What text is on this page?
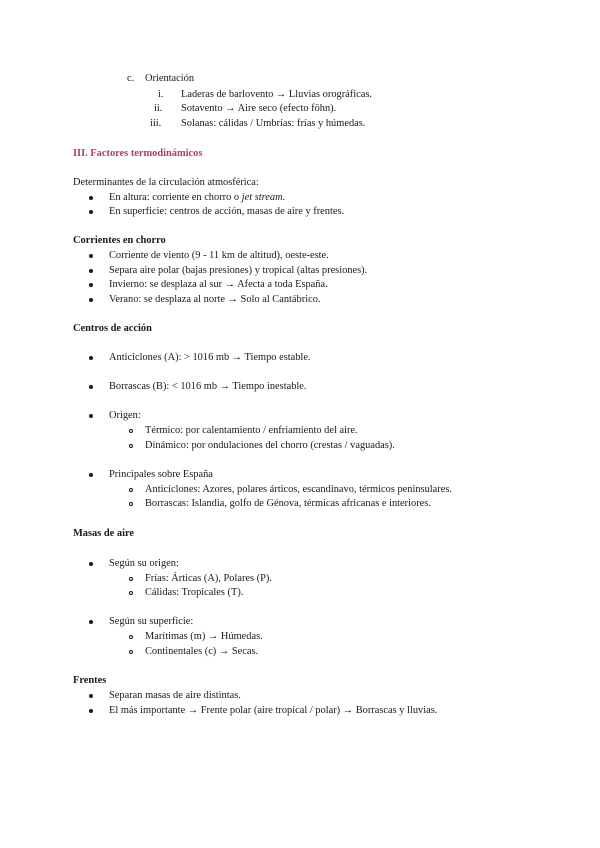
c. Orientación
i. Laderas de barlovento → Lluvias orográficas.
ii. Sotavento → Aire seco (efecto föhn).
iii. Solanas: cálidas / Umbrías: frías y húmedas.
III. Factores termodinámicos
Determinantes de la circulación atmosférica:
En altura: corriente en chorro o jet stream.
En superficie: centros de acción, masas de aire y frentes.
Corrientes en chorro
Corriente de viento (9 - 11 km de altitud), oeste-este.
Separa aire polar (bajas presiones) y tropical (altas presiones).
Invierno: se desplaza al sur → Afecta a toda España.
Verano: se desplaza al norte → Solo al Cantábrico.
Centros de acción
Anticiclones (A): > 1016 mb → Tiempo estable.
Borrascas (B): < 1016 mb → Tiempo inestable.
Origen:
Térmico: por calentamiento / enfriamiento del aire.
Dinámico: por ondulaciones del chorro (crestas / vaguadas).
Principales sobre España
Anticiclones: Azores, polares árticos, escandinavo, térmicos peninsulares.
Borrascas: Islandia, golfo de Génova, térmicas africanas e interiores.
Masas de aire
Según su origen:
Frías: Árticas (A), Polares (P).
Cálidas: Tropicales (T).
Según su superficie:
Marítimas (m) → Húmedas.
Continentales (c) → Secas.
Frentes
Separan masas de aire distintas.
El más importante → Frente polar (aire tropical / polar) → Borrascas y lluvias.
